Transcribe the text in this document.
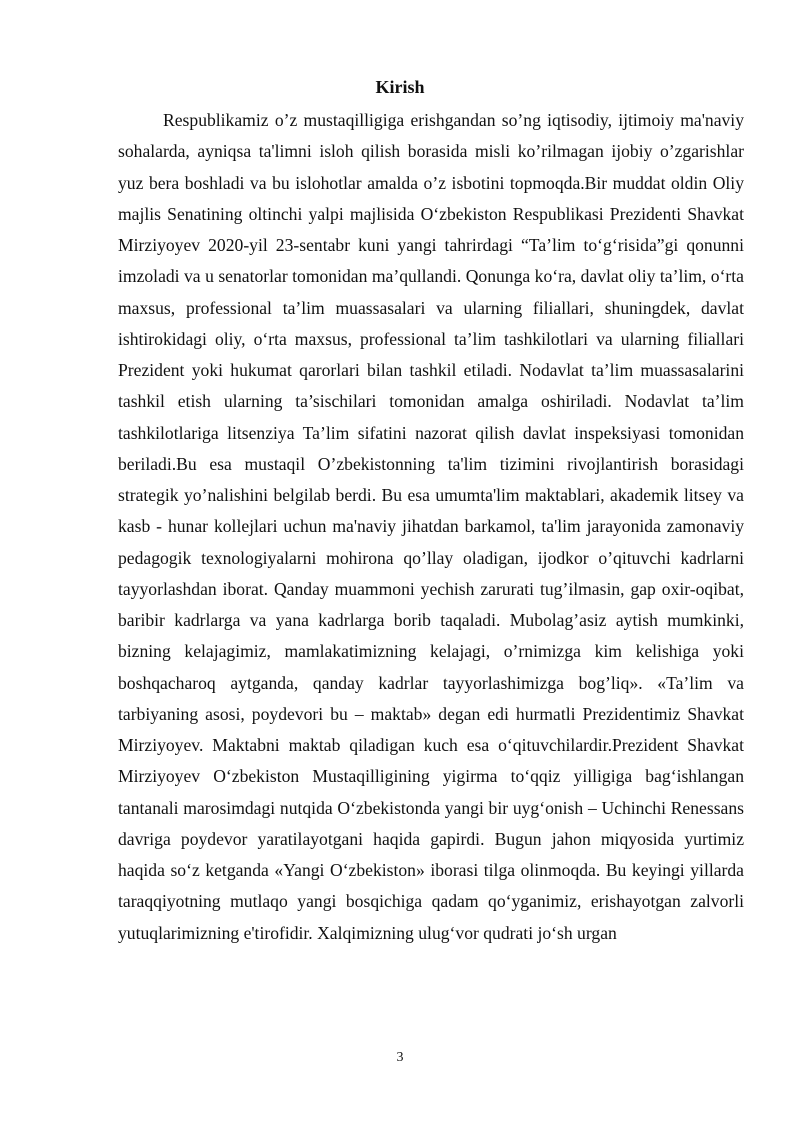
Kirish

Respublikamiz o’z mustaqilligiga erishgandan so’ng iqtisodiy, ijtimoiy ma'naviy sohalarda, ayniqsa ta'limni isloh qilish borasida misli ko’rilmagan ijobiy o’zgarishlar yuz bera boshladi va bu islohotlar amalda o’z isbotini topmoqda.Bir muddat oldin Oliy majlis Senatining oltinchi yalpi majlisida O‘zbekiston Respublikasi Prezidenti Shavkat Mirziyoyev 2020-yil 23-sentabr kuni yangi tahrirdagi “Ta’lim to‘g‘risida”gi qonunni imzoladi va u senatorlar tomonidan ma’qullandi. Qonunga ko‘ra, davlat oliy ta’lim, o‘rta maxsus, professional ta’lim muassasalari va ularning filiallari, shuningdek, davlat ishtirokidagi oliy, o‘rta maxsus, professional ta’lim tashkilotlari va ularning filiallari Prezident yoki hukumat qarorlari bilan tashkil etiladi. Nodavlat ta’lim muassasalarini tashkil etish ularning ta’sischilari tomonidan amalga oshiriladi. Nodavlat ta’lim tashkilotlariga litsenziya Ta’lim sifatini nazorat qilish davlat inspeksiyasi tomonidan beriladi.Bu esa mustaqil O’zbekistonning ta'lim tizimini rivojlantirish borasidagi strategik yo’nalishini belgilab berdi. Bu esa umumta'lim maktablari, akademik litsey va kasb - hunar kollejlari uchun ma'naviy jihatdan barkamol, ta'lim jarayonida zamonaviy pedagogik texnologiyalarni mohirona qo’llay oladigan, ijodkor o’qituvchi kadrlarni tayyorlashdan iborat. Qanday muammoni yechish zarurati tug’ilmasin, gap oxir-oqibat, baribir kadrlarga va yana kadrlarga borib taqaladi. Mubolag’asiz aytish mumkinki, bizning kelajagimiz, mamlakatimizning kelajagi, o’rnimizga kim kelishiga yoki boshqacharoq aytganda, qanday kadrlar tayyorlashimizga bog’liq». «Ta’lim va tarbiyaning asosi, poydevori bu – maktab» degan edi hurmatli Prezidentimiz Shavkat Mirziyoyev. Maktabni maktab qiladigan kuch esa o‘qituvchilardir.Prezident Shavkat Mirziyoyev O‘zbekiston Mustaqilligining yigirma to‘qqiz yilligiga bag‘ishlangan tantanali marosimdagi nutqida O‘zbekistonda yangi bir uyg‘onish – Uchinchi Renessans davriga poydevor yaratilayotgani haqida gapirdi. Bugun jahon miqyosida yurtimiz haqida so‘z ketganda «Yangi O‘zbekiston» iborasi tilga olinmoqda. Bu keyingi yillarda taraqqiyotning mutlaqo yangi bosqichiga qadam qo‘yganimiz, erishayotgan zalvorli yutuqlarimizning e'tirofidir. Xalqimizning ulug‘vor qudrati jo‘sh urgan

3
